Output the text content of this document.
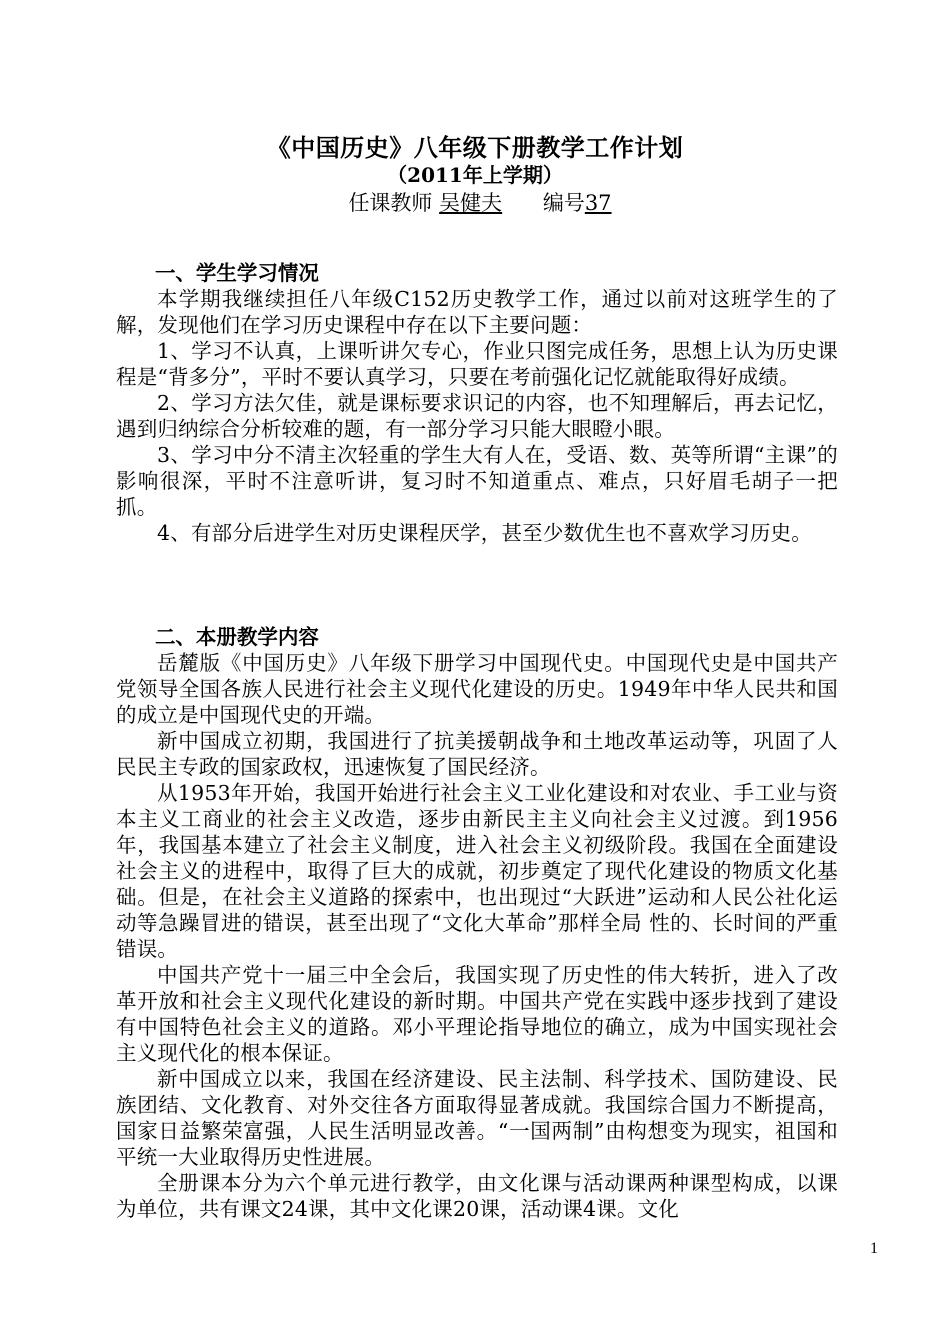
《中国历史》八年级下册教学工作计划
（2011年上学期）
任课教师 吴健夫 编号37

一、学生学习情况

本学期我继续担任八年级C152历史教学工作，通过以前对这班学生的了解，发现他们在学习历史课程中存在以下主要问题：

1、学习不认真，上课听讲欠专心，作业只图完成任务，思想上认为历史课程是“背多分”，平时不要认真学习，只要在考前强化记忆就能取得好成绩。

2、学习方法欠佳，就是课标要求识记的内容，也不知理解后，再去记忆，遇到归纳综合分析较难的题，有一部分学习只能大眼瞪小眼。

3、学习中分不清主次轻重的学生大有人在，受语、数、英等所谓“主课”的影响很深，平时不注意听讲，复习时不知道重点、难点，只好眉毛胡子一把抓。

4、有部分后进学生对历史课程厌学，甚至少数优生也不喜欢学习历史。

二、本册教学内容

岳麓版《中国历史》八年级下册学习中国现代史。中国现代史是中国共产党领导全国各族人民进行社会主义现代化建设的历史。1949年中华人民共和国的成立是中国现代史的开端。

新中国成立初期，我国进行了抗美援朝战争和土地改革运动等，巩固了人民民主专政的国家政权，迅速恢复了国民经济。

从1953年开始，我国开始进行社会主义工业化建设和对农业、手工业与资本主义工商业的社会主义改造，逐步由新民主主义向社会主义过渡。到1956年，我国基本建立了社会主义制度，进入社会主义初级阶段。我国在全面建设社会主义的进程中，取得了巨大的成就，初步奠定了现代化建设的物质文化基础。但是，在社会主义道路的探索中，也出现过“大跃进”运动和人民公社化运动等急躁冒进的错误，甚至出现了“文化大革命”那样全局 性的、长时间的严重错误。

中国共产党十一届三中全会后，我国实现了历史性的伟大转折，进入了改革开放和社会主义现代化建设的新时期。中国共产党在实践中逐步找到了建设有中国特色社会主义的道路。邓小平理论指导地位的确立，成为中国实现社会主义现代化的根本保证。

新中国成立以来，我国在经济建设、民主法制、科学技术、国防建设、民族团结、文化教育、对外交往各方面取得显著成就。我国综合国力不断提高，国家日益繁荣富强，人民生活明显改善。“一国两制”由构想变为现实，祖国和平统一大业取得历史性进展。

全册课本分为六个单元进行教学，由文化课与活动课两种课型构成，以课为单位，共有课文24课，其中文化课20课，活动课4课。文化

1
